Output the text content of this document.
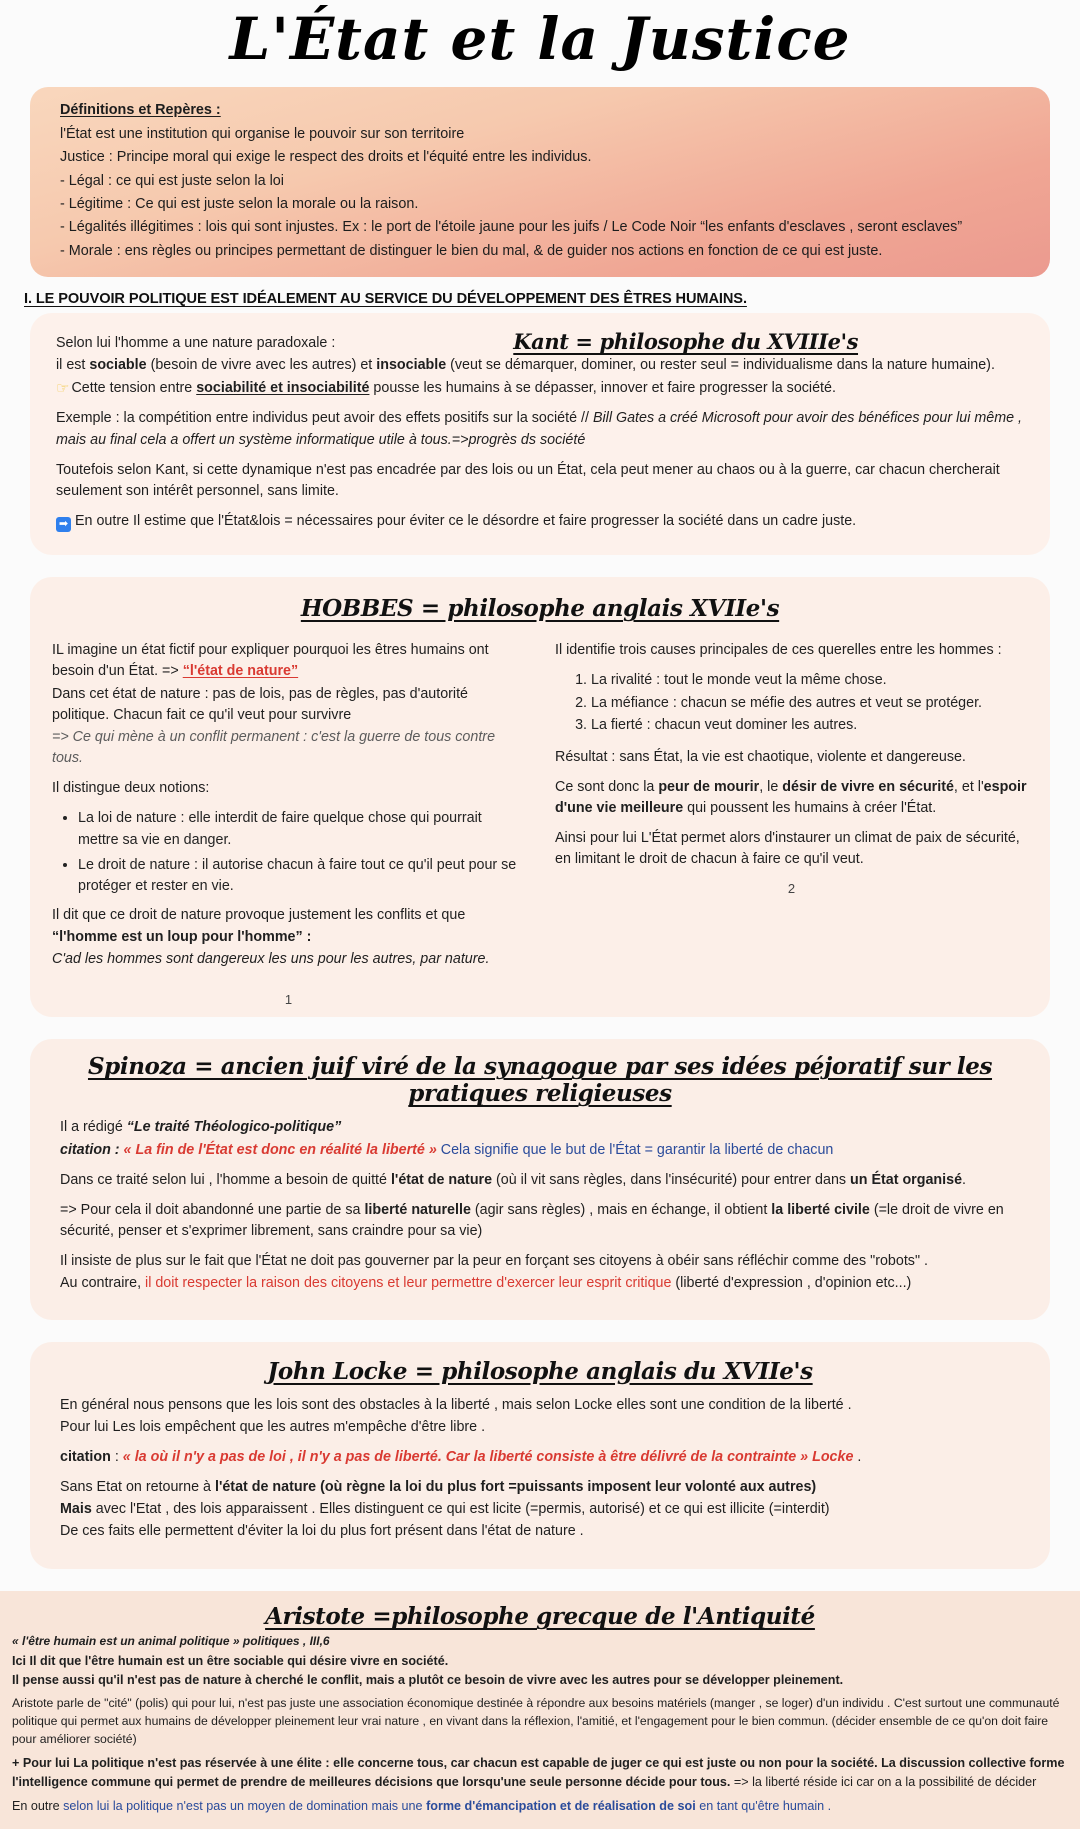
L'État et la Justice
Définitions et Repères :
l'État est une institution qui organise le pouvoir sur son territoire
Justice : Principe moral qui exige le respect des droits et l'équité entre les individus.
- Légal : ce qui est juste selon la loi
- Légitime : Ce qui est juste selon la morale ou la raison.
- Légalités illégitimes : lois qui sont injustes. Ex : le port de l'étoile jaune pour les juifs / Le Code Noir “les enfants d'esclaves , seront esclaves”
- Morale : ens règles ou principes permettant de distinguer le bien du mal, & de guider nos actions en fonction de ce qui est juste.
I. LE POUVOIR POLITIQUE EST IDÉALEMENT AU SERVICE DU DÉVELOPPEMENT DES ÊTRES HUMAINS.

Selon lui l'homme a une nature paradoxale :	Kant = philosophe du XVIIIe's

il est sociable (besoin de vivre avec les autres) et insociable (veut se démarquer, dominer, ou rester seul = individualisme dans la nature humaine).

☞ Cette tension entre sociabilité et insociabilité pousse les humains à se dépasser, innover et faire progresser la société.

Exemple : la compétition entre individus peut avoir des effets positifs sur la société // Bill Gates a créé Microsoft pour avoir des bénéfices pour lui même , mais au final cela a offert un système informatique utile à tous.=>progrès ds société

Toutefois selon Kant, si cette dynamique n'est pas encadrée par des lois ou un État, cela peut mener au chaos ou à la guerre, car chacun chercherait seulement son intérêt personnel, sans limite.

➡ En outre Il estime que l'État&lois = nécessaires pour éviter ce le désordre et faire progresser la société dans un cadre juste.

HOBBES = philosophe anglais XVIIe's

IL imagine un état fictif pour expliquer pourquoi les êtres humains ont besoin d'un État. => “l'état de nature”

Dans cet état de nature : pas de lois, pas de règles, pas d'autorité politique. Chacun fait ce qu'il veut pour survivre

=> Ce qui mène à un conflit permanent : c'est la guerre de tous contre tous.

Il distingue deux notions:

• La loi de nature : elle interdit de faire quelque chose qui pourrait mettre sa vie en danger.
• Le droit de nature : il autorise chacun à faire tout ce qu'il peut pour se protéger et rester en vie.

Il dit que ce droit de nature provoque justement les conflits et que

“l'homme est un loup pour l'homme” :

C'ad les hommes sont dangereux les uns pour les autres, par nature.

1

Il identifie trois causes principales de ces querelles entre les hommes :

1. La rivalité : tout le monde veut la même chose.
2. La méfiance : chacun se méfie des autres et veut se protéger.
3. La fierté : chacun veut dominer les autres.

Résultat : sans État, la vie est chaotique, violente et dangereuse.

Ce sont donc la peur de mourir, le désir de vivre en sécurité, et l'espoir d'une vie meilleure qui poussent les humains à créer l'État.

Ainsi pour lui L'État permet alors d'instaurer un climat de paix de sécurité, en limitant le droit de chacun à faire ce qu'il veut.

2
Spinoza = ancien juif viré de la synagogue par ses idées péjoratif sur les pratiques religieuses

Il a rédigé “Le traité Théologico-politique”

citation : « La fin de l'État est donc en réalité la liberté » Cela signifie que le but de l'État = garantir la liberté de chacun

Dans ce traité selon lui , l'homme a besoin de quitté l'état de nature (où il vit sans règles, dans l'insécurité) pour entrer dans un État organisé.

=> Pour cela il doit abandonné une partie de sa liberté naturelle (agir sans règles) , mais en échange, il obtient la liberté civile (=le droit de vivre en sécurité, penser et s'exprimer librement, sans craindre pour sa vie)

Il insiste de plus sur le fait que l'État ne doit pas gouverner par la peur en forçant ses citoyens à obéir sans réfléchir comme des "robots" .

Au contraire, il doit respecter la raison des citoyens et leur permettre d'exercer leur esprit critique (liberté d'expression , d'opinion etc...)

John Locke = philosophe anglais du XVIIe's

En général nous pensons que les lois sont des obstacles à la liberté , mais selon Locke elles sont une condition de la liberté .

Pour lui Les lois empêchent que les autres m'empêche d'être libre .

citation : « la où il n'y a pas de loi , il n'y a pas de liberté. Car la liberté consiste à être délivré de la contrainte » Locke .

Sans Etat on retourne à l'état de nature (où règne la loi du plus fort =puissants imposent leur volonté aux autres)

Mais avec l'Etat , des lois apparaissent . Elles distinguent ce qui est licite (=permis, autorisé) et ce qui est illicite (=interdit)

De ces faits elle permettent d'éviter la loi du plus fort présent dans l'état de nature .

Aristote =philosophe grecque de l'Antiquité

« l'être humain est un animal politique » politiques , III,6

Ici Il dit que l'être humain est un être sociable qui désire vivre en société.

Il pense aussi qu'il n'est pas de nature à cherché le conflit, mais a plutôt ce besoin de vivre avec les autres pour se développer pleinement.

Aristote parle de "cité" (polis) qui pour lui, n'est pas juste une association économique destinée à répondre aux besoins matériels (manger , se loger) d'un individu . C'est surtout une communauté politique qui permet aux humains de développer pleinement leur vrai nature , en vivant dans la réflexion, l'amitié, et l'engagement pour le bien commun. (décider ensemble de ce qu'on doit faire pour améliorer société)

+ Pour lui La politique n'est pas réservée à une élite : elle concerne tous, car chacun est capable de juger ce qui est juste ou non pour la société. La discussion collective forme l'intelligence commune qui permet de prendre de meilleures décisions que lorsqu'une seule personne décide pour tous. => la liberté réside ici car on a la possibilité de décider

En outre selon lui la politique n'est pas un moyen de domination mais une forme d'émancipation et de réalisation de soi en tant qu'être humain .
